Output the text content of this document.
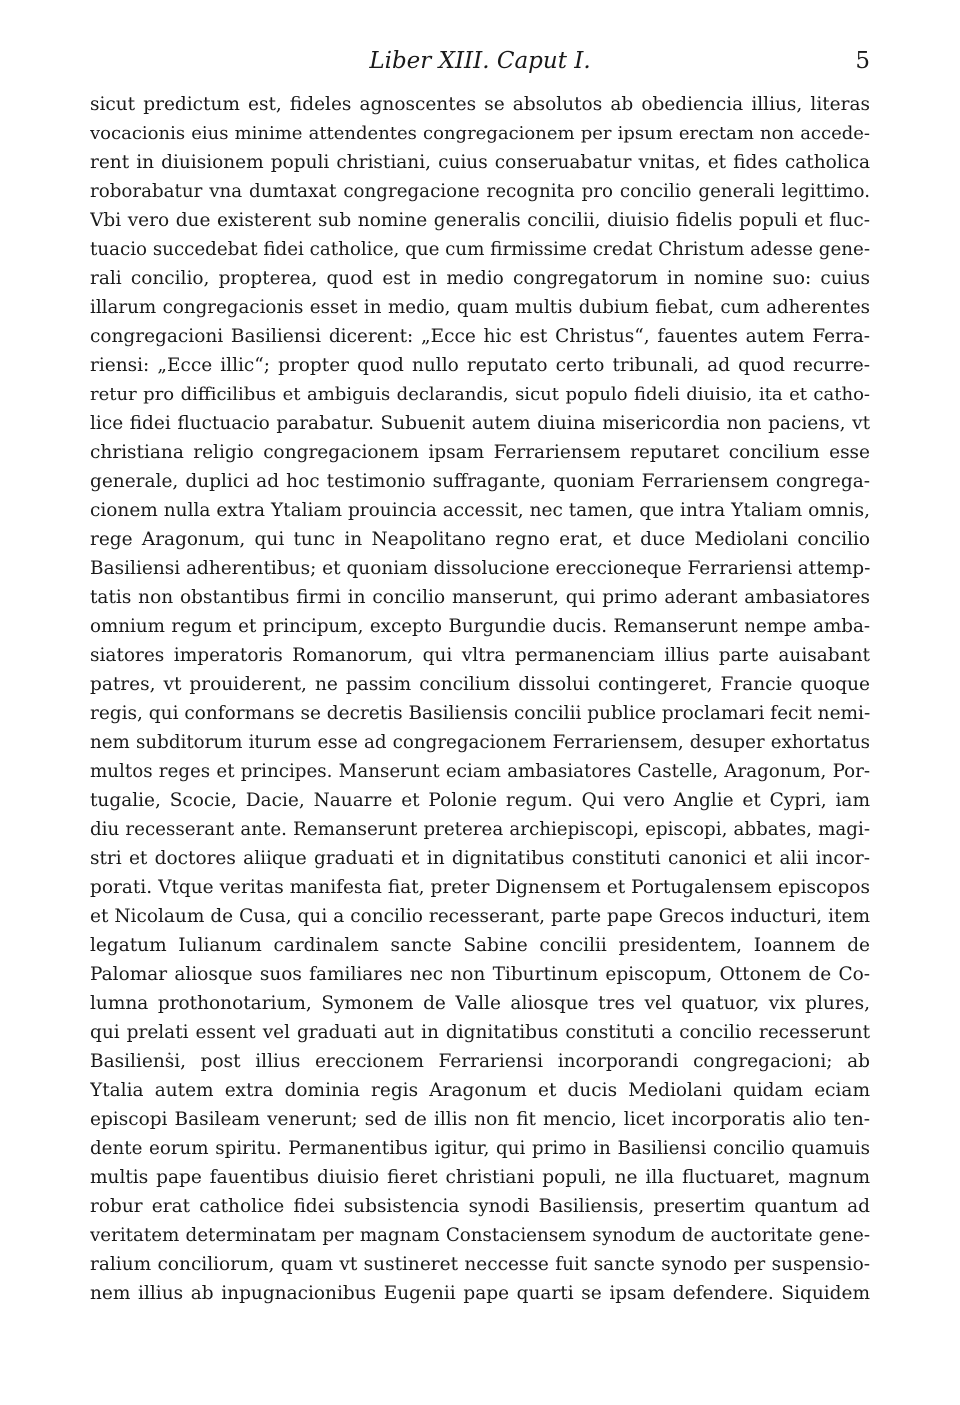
Liber XIII. Caput I.	5
sicut predictum est, fideles agnoscentes se absolutos ab obediencia illius, literas
vocacionis eius minime attendentes congregacionem per ipsum erectam non accede-
rent in diuisionem populi christiani, cuius conseruabatur vnitas, et fides catholica
roborabatur vna dumtaxat congregacione recognita pro concilio generali legittimo.
Vbi vero due existerent sub nomine generalis concilii, diuisio fidelis populi et fluc-
tuacio succedebat fidei catholice, que cum firmissime credat Christum adesse gene-
rali concilio, propterea, quod est in medio congregatorum in nomine suo: cuius
illarum congregacionis esset in medio, quam multis dubium fiebat, cum adherentes
congregacioni Basiliensi dicerent: „Ecce hic est Christus“, fauentes autem Ferra-
riensi: „Ecce illic“; propter quod nullo reputato certo tribunali, ad quod recurre-
retur pro difficilibus et ambiguis declarandis, sicut populo fideli diuisio, ita et catho-
lice fidei fluctuacio parabatur. Subuenit autem diuina misericordia non paciens, vt
christiana religio congregacionem ipsam Ferrariensem reputaret concilium esse
generale, duplici ad hoc testimonio suffragante, quoniam Ferrariensem congrega-
cionem nulla extra Ytaliam prouincia accessit, nec tamen, que intra Ytaliam omnis,
rege Aragonum, qui tunc in Neapolitano regno erat, et duce Mediolani concilio
Basiliensi adherentibus; et quoniam dissolucione ereccioneque Ferrariensi attemp-
tatis non obstantibus firmi in concilio manserunt, qui primo aderant ambasiatores
omnium regum et principum, excepto Burgundie ducis. Remanserunt nempe amba-
siatores imperatoris Romanorum, qui vltra permanenciam illius parte auisabant
patres, vt prouiderent, ne passim concilium dissolui contingeret, Francie quoque
regis, qui conformans se decretis Basiliensis concilii publice proclamari fecit nemi-
nem subditorum iturum esse ad congregacionem Ferrariensem, desuper exhortatus
multos reges et principes. Manserunt eciam ambasiatores Castelle, Aragonum, Por-
tugalie, Scocie, Dacie, Nauarre et Polonie regum. Qui vero Anglie et Cypri, iam
diu recesserant ante. Remanserunt preterea archiepiscopi, episcopi, abbates, magi-
stri et doctores aliique graduati et in dignitatibus constituti canonici et alii incor-
porati. Vtque veritas manifesta fiat, preter Dignensem et Portugalensem episcopos
et Nicolaum de Cusa, qui a concilio recesserant, parte pape Grecos inducturi, item
legatum Iulianum cardinalem sancte Sabine concilii presidentem, Ioannem de
Palomar aliosque suos familiares nec non Tiburtinum episcopum, Ottonem de Co-
lumna prothonotarium, Symonem de Valle aliosque tres vel quatuor, vix plures,
qui prelati essent vel graduati aut in dignitatibus constituti a concilio recesserunt
Basilienṡi, post illius ereccionem Ferrariensi incorporandi congregacioni; ab
Ytalia autem extra dominia regis Aragonum et ducis Mediolani quidam eciam
episcopi Basileam venerunt; sed de illis non fit mencio, licet incorporatis alio ten-
dente eorum spiritu. Permanentibus igitur, qui primo in Basiliensi concilio quamuis
multis pape fauentibus diuisio fieret christiani populi, ne illa fluctuaret, magnum
robur erat catholice fidei subsistencia synodi Basiliensis, presertim quantum ad
veritatem determinatam per magnam Constaciensem synodum de auctoritate gene-
ralium conciliorum, quam vt sustineret neccesse fuit sancte synodo per suspensio-
nem illius ab inpugnacionibus Eugenii pape quarti se ipsam defendere. Siquidem
